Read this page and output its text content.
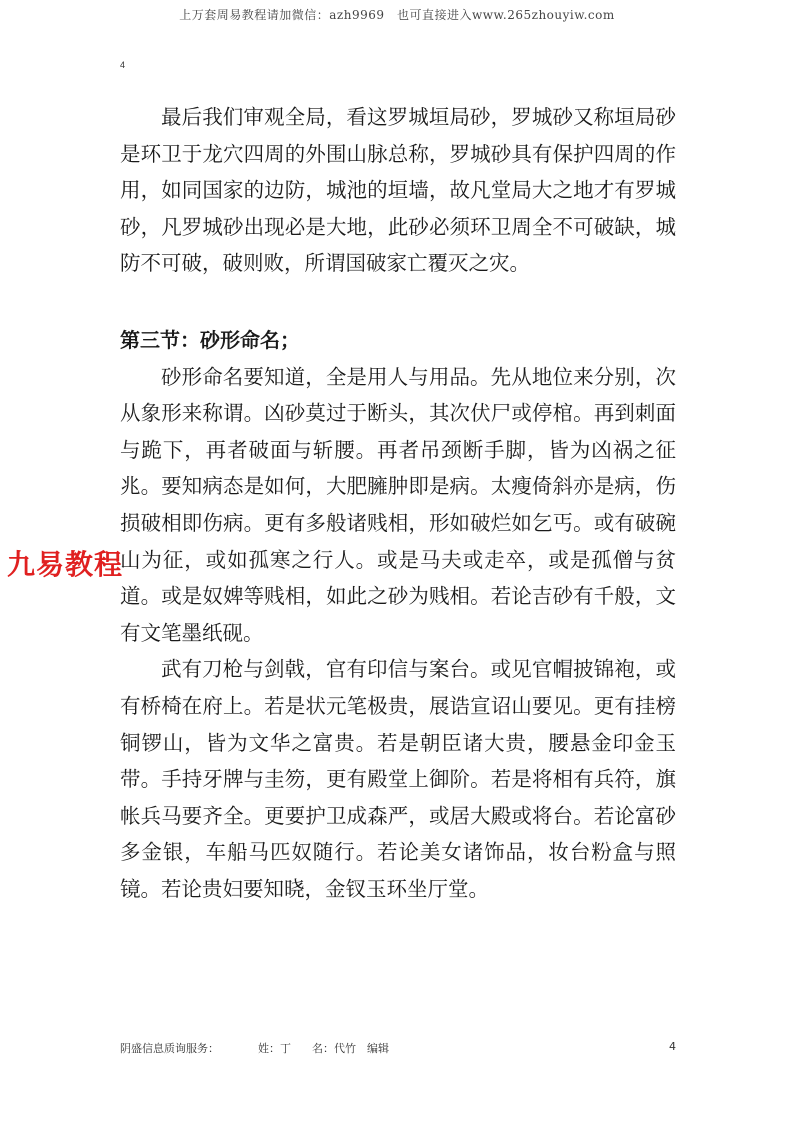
上万套周易教程请加微信：azh9969　也可直接进入www.265zhouyiw.com
4

最后我们审观全局，看这罗城垣局砂，罗城砂又称垣局砂是环卫于龙穴四周的外围山脉总称，罗城砂具有保护四周的作用，如同国家的边防，城池的垣墙，故凡堂局大之地才有罗城砂，凡罗城砂出现必是大地，此砂必须环卫周全不可破缺，城防不可破，破则败，所谓国破家亡覆灭之灾。

第三节：砂形命名；

砂形命名要知道，全是用人与用品。先从地位来分别，次从象形来称谓。凶砂莫过于断头，其次伏尸或停棺。再到刺面与跪下，再者破面与斩腰。再者吊颈断手脚，皆为凶祸之征兆。要知病态是如何，大肥臃肿即是病。太瘦倚斜亦是病，伤损破相即伤病。更有多般诸贱相，形如破烂如乞丐。或有破碗山为征，或如孤寒之行人。或是马夫或走卒，或是孤僧与贫道。或是奴婢等贱相，如此之砂为贱相。若论吉砂有千般，文有文笔墨纸砚。

武有刀枪与剑戟，官有印信与案台。或见官帽披锦袍，或有桥椅在府上。若是状元笔极贵，展诰宣诏山要见。更有挂榜铜锣山，皆为文华之富贵。若是朝臣诸大贵，腰悬金印金玉带。手持牙牌与圭笏，更有殿堂上御阶。若是将相有兵符，旗帐兵马要齐全。更要护卫成森严，或居大殿或将台。若论富砂多金银，车船马匹奴随行。若论美女诸饰品，妆台粉盒与照镜。若论贵妇要知晓，金钗玉环坐厅堂。

九易教程
阴盛信息质询服务：	姓：丁 名：代竹　编辑	4
